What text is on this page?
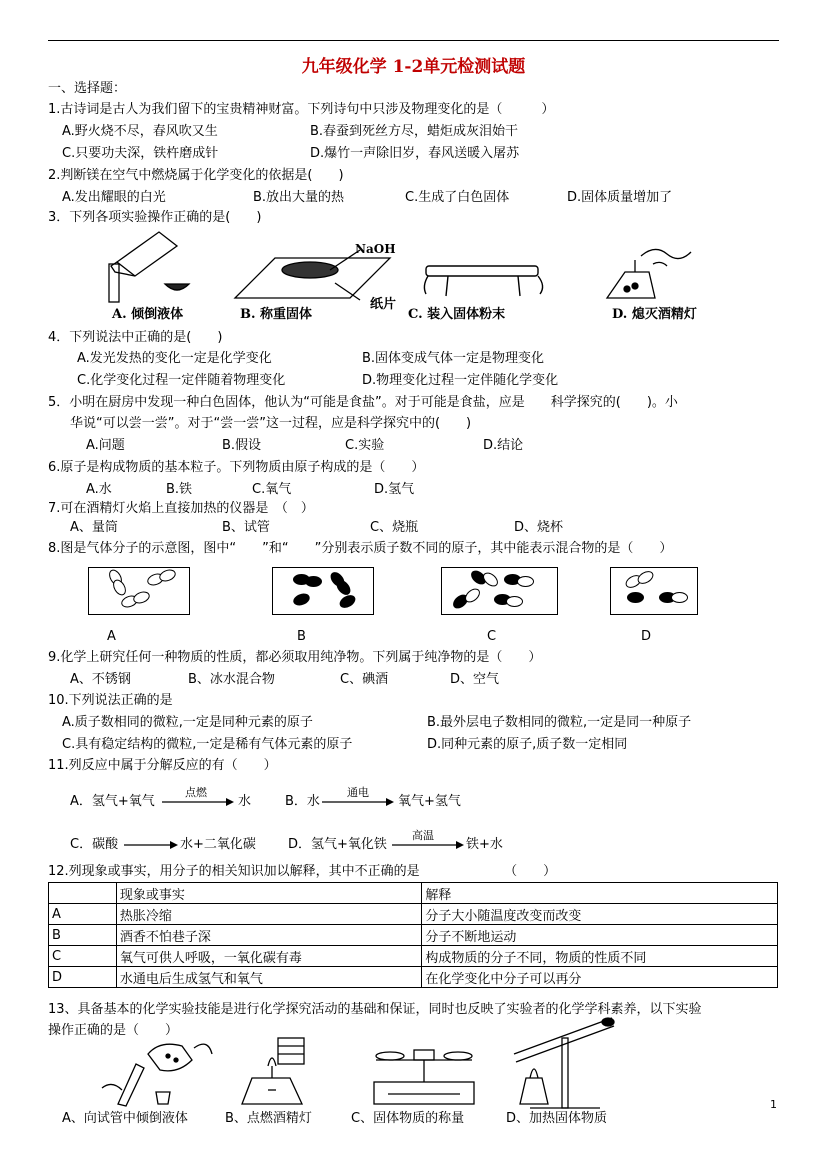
九年级化学 1-2单元检测试题
一、选择题：
1.古诗词是古人为我们留下的宝贵精神财富。下列诗句中只涉及物理变化的是（　　　）
A.野火烧不尽，春风吹又生	B.春蚕到死丝方尽，蜡炬成灰泪始干
C.只要功夫深，铁杵磨成针	D.爆竹一声除旧岁，春风送暖入屠苏
2.判断镁在空气中燃烧属于化学变化的依据是(　　)
A.发出耀眼的白光	B.放出大量的热	C.生成了白色固体	D.固体质量增加了
3．下列各项实验操作正确的是(　　)
A. 倾倒液体
NaOH
纸片
B. 称重固体	C. 装入固体粉末	D. 熄灭酒精灯
4．下列说法中正确的是(　　)
A.发光发热的变化一定是化学变化	B.固体变成气体一定是物理变化
C.化学变化过程一定伴随着物理变化	D.物理变化过程一定伴随化学变化
5．小明在厨房中发现一种白色固体，他认为“可能是食盐”。对于可能是食盐，应是　　科学探究的(　　)。小
华说“可以尝一尝”。对于“尝一尝”这一过程，应是科学探究中的(　　)
A.问题	B.假设	C.实验	D.结论
6.原子是构成物质的基本粒子。下列物质由原子构成的是（　　）
A.水	B.铁	C.氧气	D.氢气
7.可在酒精灯火焰上直接加热的仪器是　（　）
A、量筒	B、试管	C、烧瓶	D、烧杯
8.图是气体分子的示意图，图中“　　”和“　　”分别表示质子数不同的原子，其中能表示混合物的是（　　）
A	B	C	D
9.化学上研究任何一种物质的性质，都必须取用纯净物。下列属于纯净物的是（　　）
A、不锈钢	B、冰水混合物	C、碘酒	D、空气
10.下列说法正确的是
A.质子数相同的微粒,一定是同种元素的原子	B.最外层电子数相同的微粒,一定是同一种原子
C.具有稳定结构的微粒,一定是稀有气体元素的原子	D.同种元素的原子,质子数一定相同
11.列反应中属于分解反应的有（　　）
A．氢气+氧气
点燃
水	B．水
通电
氧气+氢气
C．碳酸	水+二氧化碳 D．氢气+氧化铁
高温
铁+水
12.列现象或事实，用分子的相关知识加以解释，其中不正确的是　　　　　　　（　　）
	现象或事实	解释
A	热胀冷缩	分子大小随温度改变而改变
B	酒香不怕巷子深	分子不断地运动
C	氧气可供人呼吸，一氧化碳有毒	构成物质的分子不同，物质的性质不同
D	水通电后生成氢气和氧气	在化学变化中分子可以再分
13、具备基本的化学实验技能是进行化学探究活动的基础和保证，同时也反映了实验者的化学学科素养，以下实验
操作正确的是（　　）
A、向试管中倾倒液体	B、点燃酒精灯	C、固体物质的称量	D、加热固体物质
1
